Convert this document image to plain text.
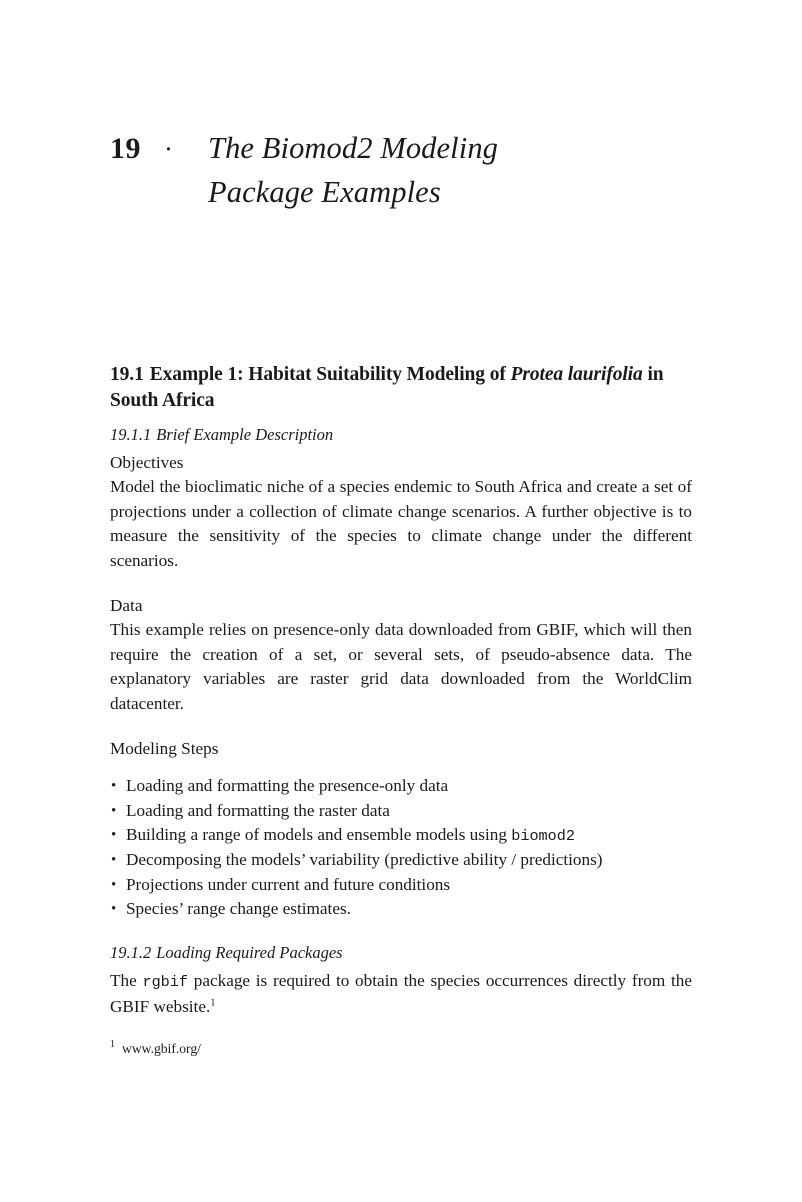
19 ·	The Biomod2 Modeling
Package Examples
19.1 Example 1: Habitat Suitability Modeling of Protea laurifolia in South Africa
19.1.1 Brief Example Description

Objectives

Model the bioclimatic niche of a species endemic to South Africa and create a set of projections under a collection of climate change scenarios. A further objective is to measure the sensitivity of the species to climate change under the different scenarios.

Data

This example relies on presence-only data downloaded from GBIF, which will then require the creation of a set, or several sets, of pseudo-absence data. The explanatory variables are raster grid data downloaded from the WorldClim datacenter.

Modeling Steps

• Loading and formatting the presence-only data
• Loading and formatting the raster data
• Building a range of models and ensemble models using biomod2
• Decomposing the models’ variability (predictive ability / predictions)
• Projections under current and future conditions
• Species’ range change estimates.
19.1.2 Loading Required Packages

The rgbif package is required to obtain the species occurrences directly from the GBIF website.$^1$

$^1$ www.gbif.org/
